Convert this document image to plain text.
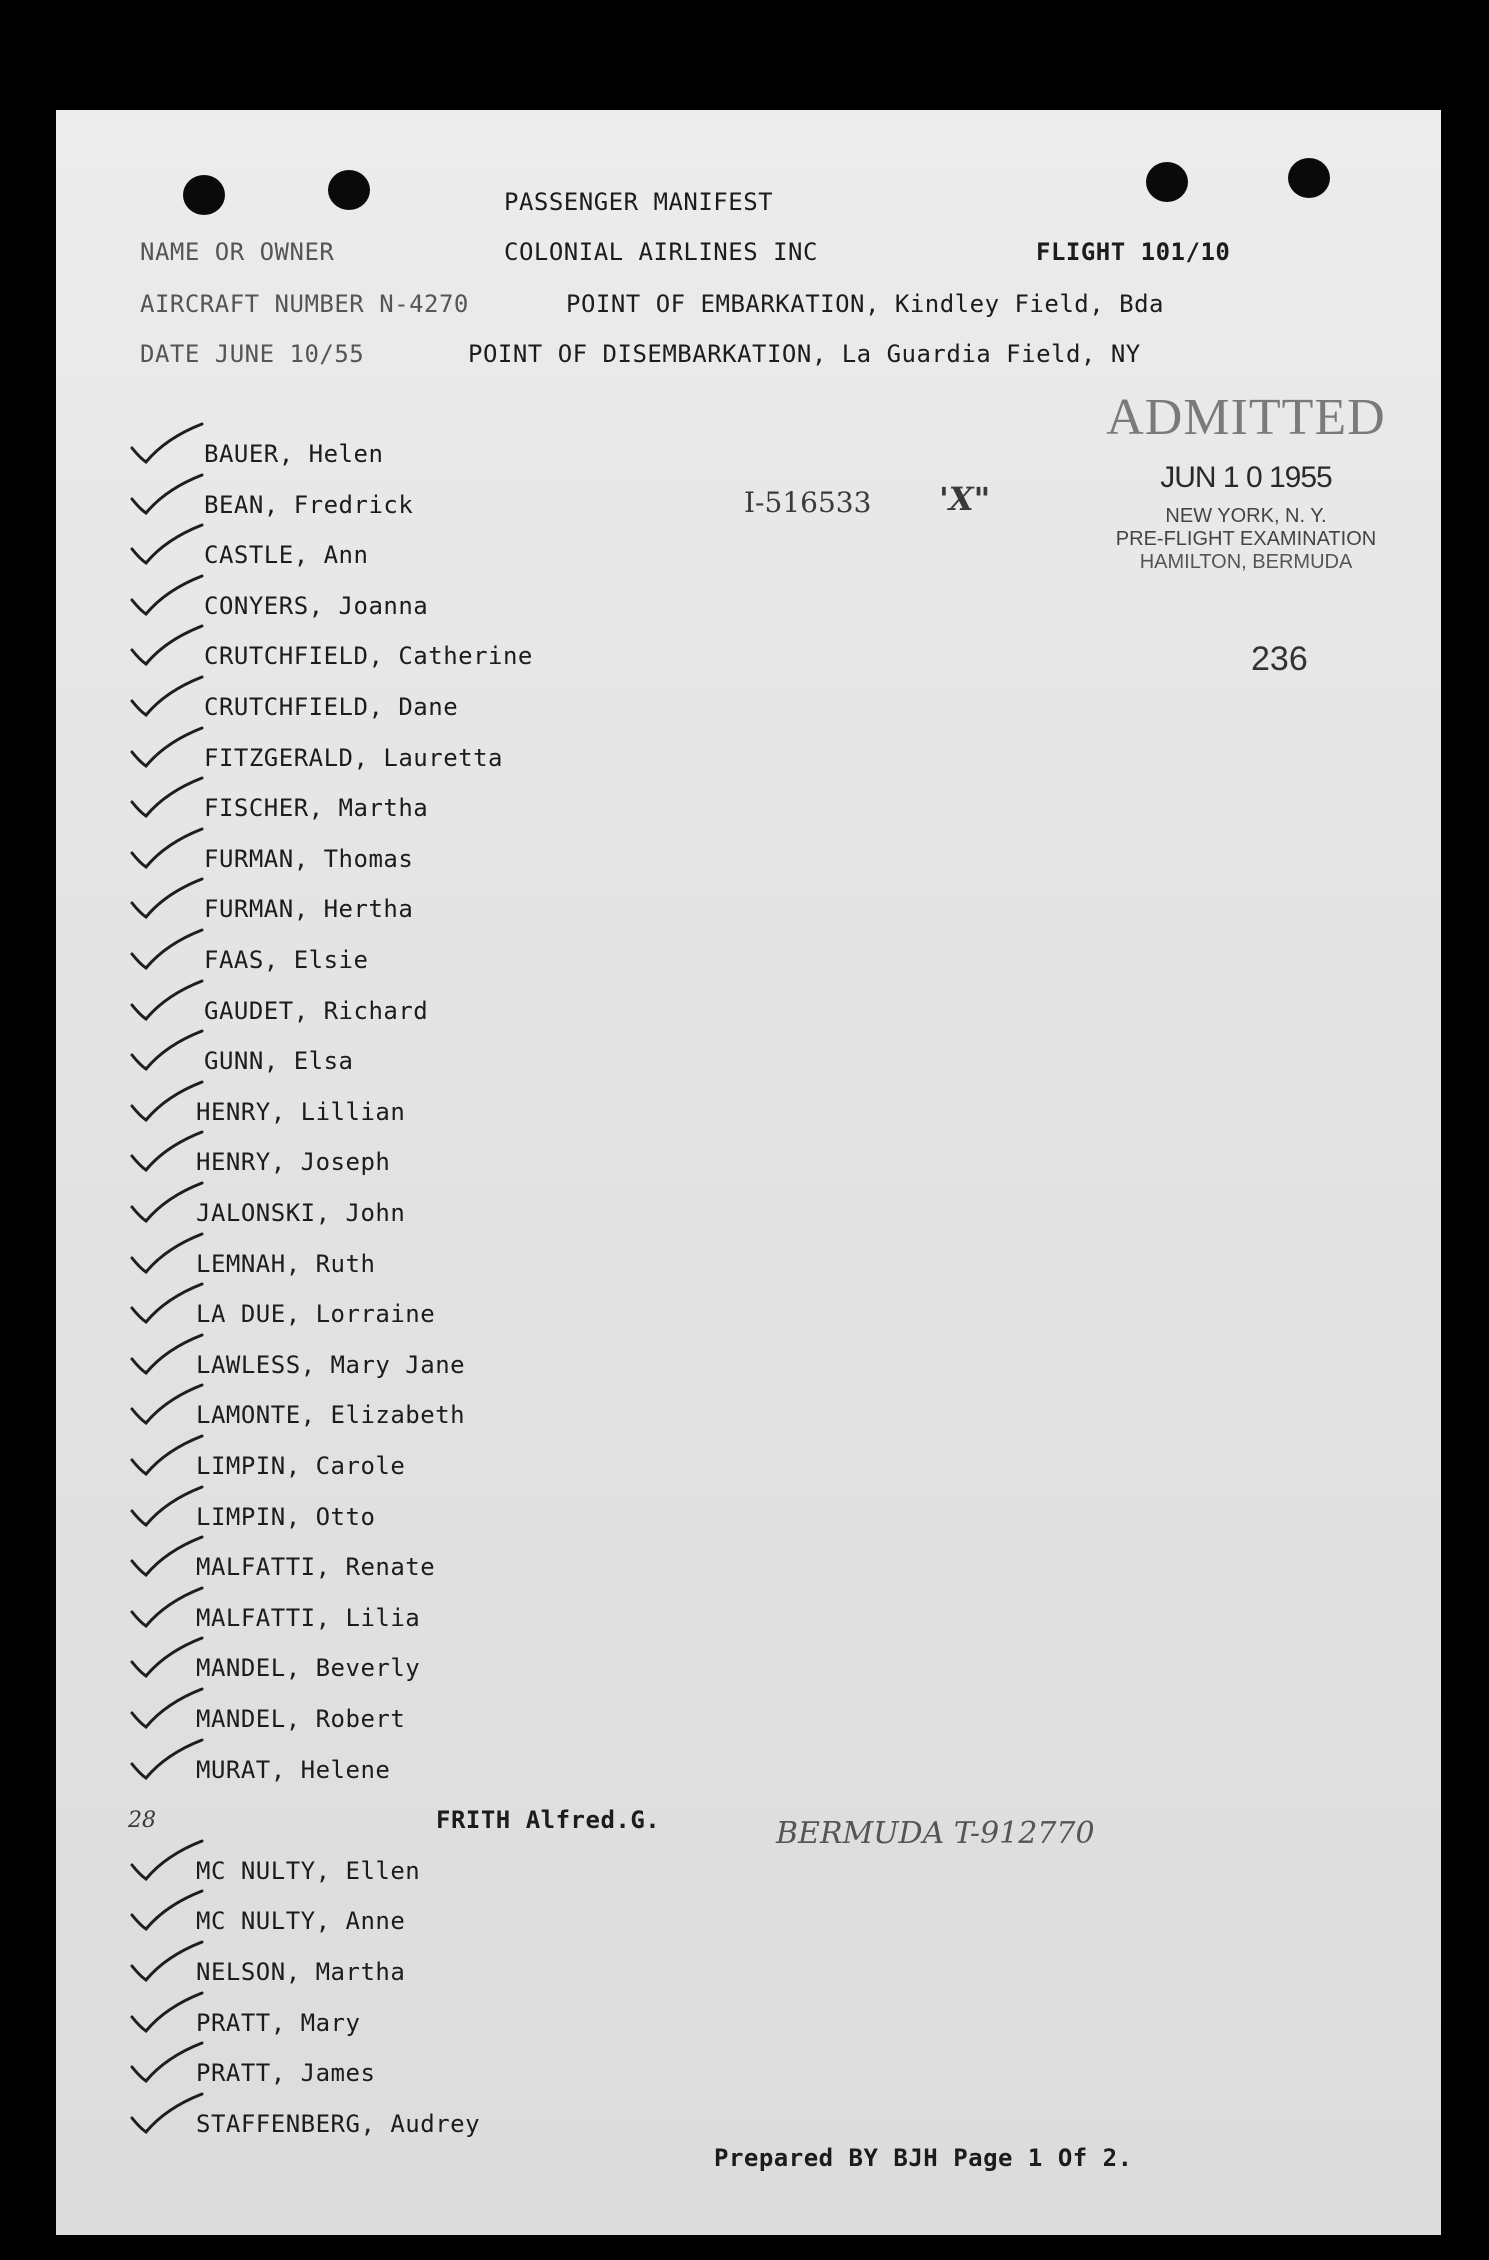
PASSENGER MANIFEST
NAME OR OWNER	COLONIAL AIRLINES INC	FLIGHT 101/10
AIRCRAFT NUMBER N-4270	POINT OF EMBARKATION, Kindley Field, Bda
DATE JUNE 10/55	POINT OF DISEMBARKATION, La Guardia Field, NY
ADMITTED
JUN 1 0 1955
NEW YORK, N. Y.
PRE-FLIGHT EXAMINATION
HAMILTON, BERMUDA
236
I-516533 'X"
BAUER, Helen
BEAN, Fredrick
CASTLE, Ann
CONYERS, Joanna
CRUTCHFIELD, Catherine
CRUTCHFIELD, Dane
FITZGERALD, Lauretta
FISCHER, Martha
FURMAN, Thomas
FURMAN, Hertha
FAAS, Elsie
GAUDET, Richard
GUNN, Elsa
HENRY, Lillian
HENRY, Joseph
JALONSKI, John
LEMNAH, Ruth
LA DUE, Lorraine
LAWLESS, Mary Jane
LAMONTE, Elizabeth
LIMPIN, Carole
LIMPIN, Otto
MALFATTI, Renate
MALFATTI, Lilia
MANDEL, Beverly
MANDEL, Robert
MURAT, Helene
28	FRITH Alfred.G.
MC NULTY, Ellen
MC NULTY, Anne
NELSON, Martha
PRATT, Mary
PRATT, James
STAFFENBERG, Audrey
BERMUDA T-912770
Prepared BY BJH Page 1 Of 2.
